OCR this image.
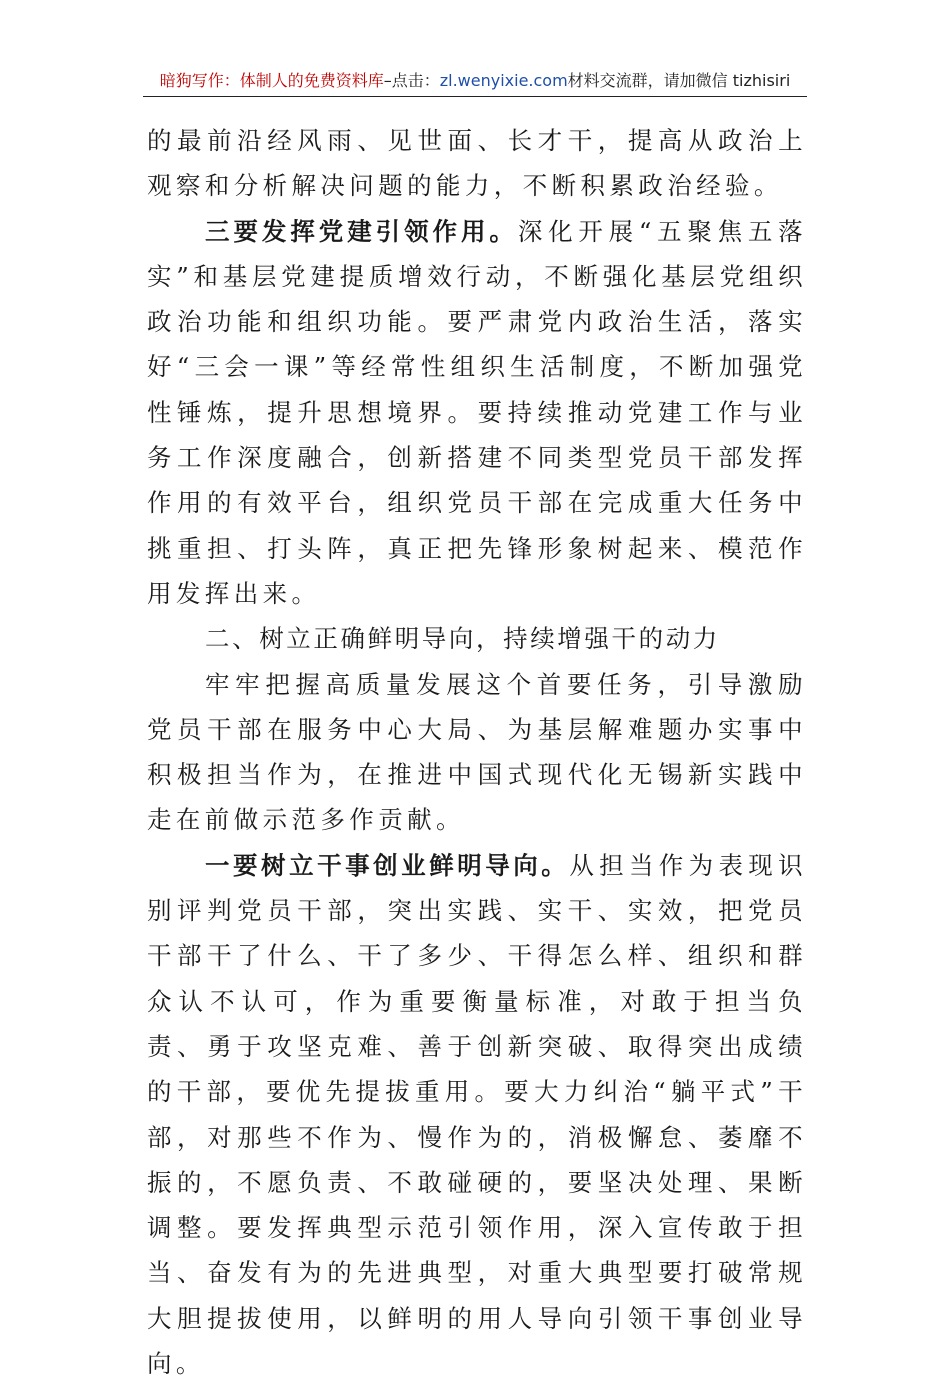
暗狗写作：体制人的免费资料库–点击：zl.wenyixie.com材料交流群，请加微信 tizhisiri

的最前沿经风雨、见世面、长才干，提高从政治上观察和分析解决问题的能力，不断积累政治经验。

三要发挥党建引领作用。深化开展“五聚焦五落实”和基层党建提质增效行动，不断强化基层党组织政治功能和组织功能。要严肃党内政治生活，落实好“三会一课”等经常性组织生活制度，不断加强党性锤炼，提升思想境界。要持续推动党建工作与业务工作深度融合，创新搭建不同类型党员干部发挥作用的有效平台，组织党员干部在完成重大任务中挑重担、打头阵，真正把先锋形象树起来、模范作用发挥出来。

二、树立正确鲜明导向，持续增强干的动力

牢牢把握高质量发展这个首要任务，引导激励党员干部在服务中心大局、为基层解难题办实事中积极担当作为，在推进中国式现代化无锡新实践中走在前做示范多作贡献。

一要树立干事创业鲜明导向。从担当作为表现识别评判党员干部，突出实践、实干、实效，把党员干部干了什么、干了多少、干得怎么样、组织和群众认不认可，作为重要衡量标准，对敢于担当负责、勇于攻坚克难、善于创新突破、取得突出成绩的干部，要优先提拔重用。要大力纠治“躺平式”干部，对那些不作为、慢作为的，消极懈怠、萎靡不振的，不愿负责、不敢碰硬的，要坚决处理、果断调整。要发挥典型示范引领作用，深入宣传敢于担当、奋发有为的先进典型，对重大典型要打破常规大胆提拔使用，以鲜明的用人导向引领干事创业导向。
